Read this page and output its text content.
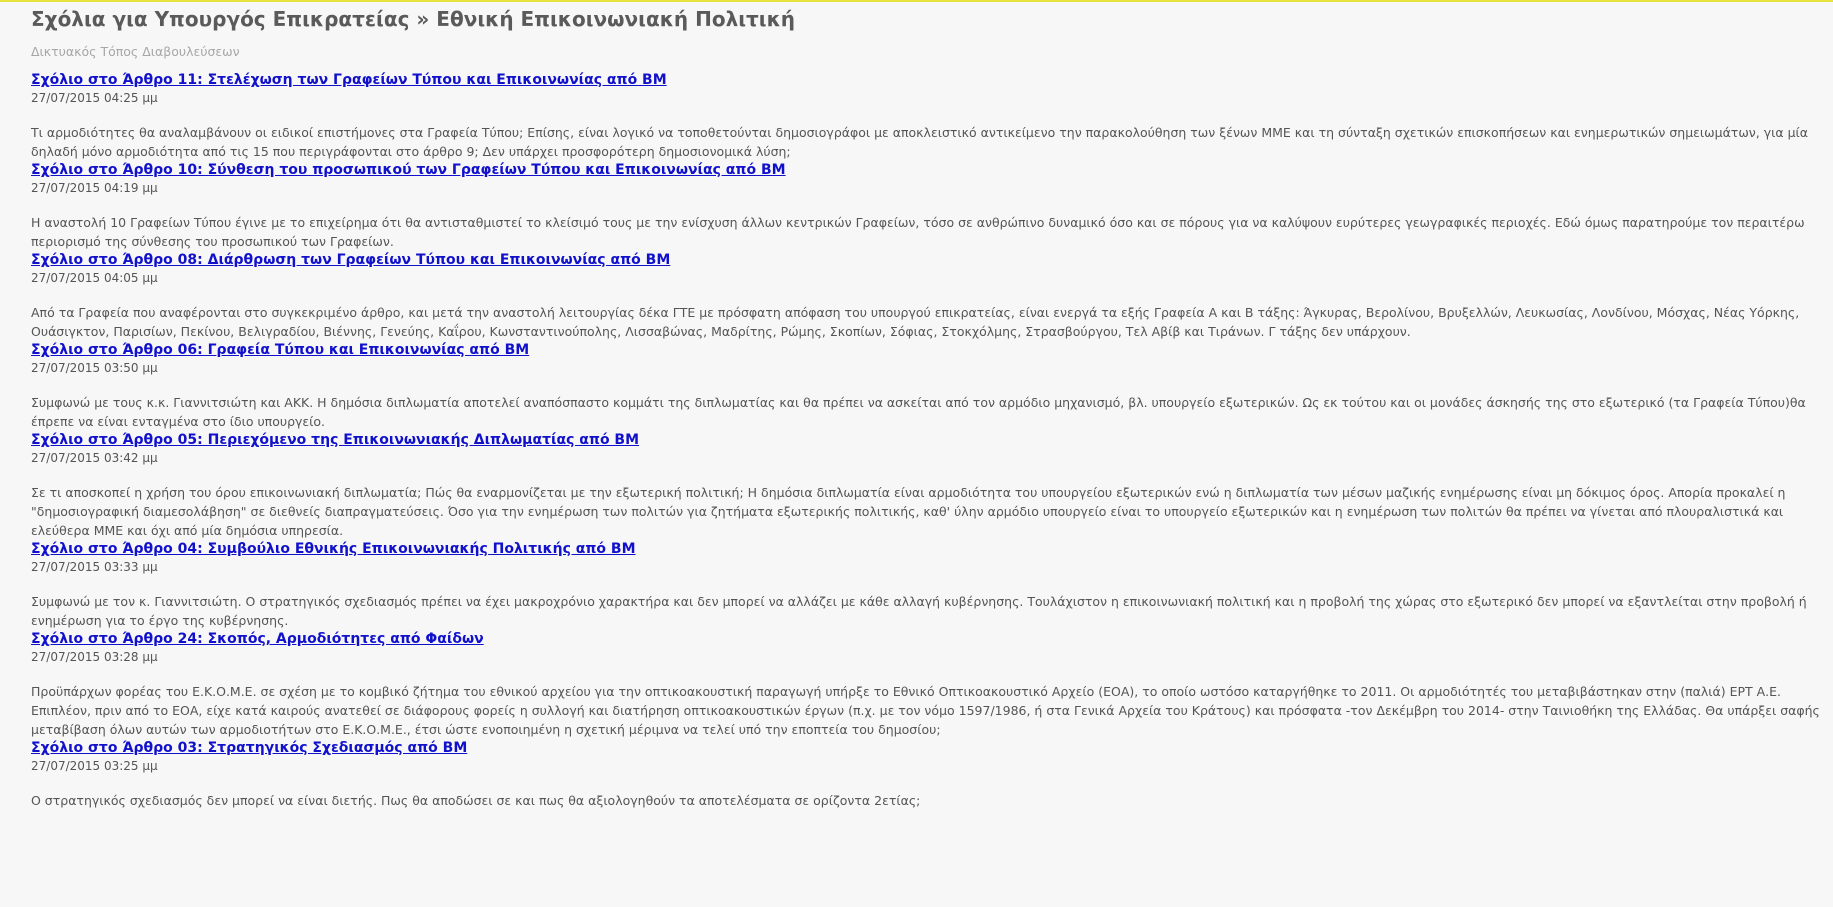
Σχόλια για Υπουργός Επικρατείας » Εθνική Επικοινωνιακή Πολιτική
Δικτυακός Τόπος Διαβουλεύσεων
Σχόλιο στο Άρθρο 11: Στελέχωση των Γραφείων Τύπου και Επικοινωνίας από ΒΜ
27/07/2015 04:25 μμ

Τι αρμοδιότητες θα αναλαμβάνουν οι ειδικοί επιστήμονες στα Γραφεία Τύπου; Επίσης, είναι λογικό να τοποθετούνται δημοσιογράφοι με αποκλειστικό αντικείμενο την παρακολούθηση των ξένων ΜΜΕ και τη σύνταξη σχετικών επισκοπήσεων και ενημερωτικών σημειωμάτων, για μία δηλαδή μόνο αρμοδιότητα από τις 15 που περιγράφονται στο άρθρο 9; Δεν υπάρχει προσφορότερη δημοσιονομικά λύση;

Σχόλιο στο Άρθρο 10: Σύνθεση του προσωπικού των Γραφείων Τύπου και Επικοινωνίας από ΒΜ
27/07/2015 04:19 μμ

Η αναστολή 10 Γραφείων Τύπου έγινε με το επιχείρημα ότι θα αντισταθμιστεί το κλείσιμό τους με την ενίσχυση άλλων κεντρικών Γραφείων, τόσο σε ανθρώπινο δυναμικό όσο και σε πόρους για να καλύψουν ευρύτερες γεωγραφικές περιοχές. Εδώ όμως παρατηρούμε τον περαιτέρω περιορισμό της σύνθεσης του προσωπικού των Γραφείων.

Σχόλιο στο Άρθρο 08: Διάρθρωση των Γραφείων Τύπου και Επικοινωνίας από ΒΜ
27/07/2015 04:05 μμ

Από τα Γραφεία που αναφέρονται στο συγκεκριμένο άρθρο, και μετά την αναστολή λειτουργίας δέκα ΓΤΕ με πρόσφατη απόφαση του υπουργού επικρατείας, είναι ενεργά τα εξής Γραφεία Α και Β τάξης: Άγκυρας, Βερολίνου, Βρυξελλών, Λευκωσίας, Λονδίνου, Μόσχας, Νέας Υόρκης, Ουάσιγκτον, Παρισίων, Πεκίνου, Βελιγραδίου, Βιέννης, Γενεύης, Καΐρου, Κωνσταντινούπολης, Λισσαβώνας, Μαδρίτης, Ρώμης, Σκοπίων, Σόφιας, Στοκχόλμης, Στρασβούργου, Τελ Αβίβ και Τιράνων. Γ τάξης δεν υπάρχουν.

Σχόλιο στο Άρθρο 06: Γραφεία Τύπου και Επικοινωνίας από ΒΜ
27/07/2015 03:50 μμ

Συμφωνώ με τους κ.κ. Γιαννιτσιώτη και ΑΚΚ. Η δημόσια διπλωματία αποτελεί αναπόσπαστο κομμάτι της διπλωματίας και θα πρέπει να ασκείται από τον αρμόδιο μηχανισμό, βλ. υπουργείο εξωτερικών. Ως εκ τούτου και οι μονάδες άσκησής της στο εξωτερικό (τα Γραφεία Τύπου)θα έπρεπε να είναι ενταγμένα στο ίδιο υπουργείο.

Σχόλιο στο Άρθρο 05: Περιεχόμενο της Επικοινωνιακής Διπλωματίας από ΒΜ
27/07/2015 03:42 μμ

Σε τι αποσκοπεί η χρήση του όρου επικοινωνιακή διπλωματία; Πώς θα εναρμονίζεται με την εξωτερική πολιτική; Η δημόσια διπλωματία είναι αρμοδιότητα του υπουργείου εξωτερικών ενώ η διπλωματία των μέσων μαζικής ενημέρωσης είναι μη δόκιμος όρος. Απορία προκαλεί η "δημοσιογραφική διαμεσολάβηση" σε διεθνείς διαπραγματεύσεις. Όσο για την ενημέρωση των πολιτών για ζητήματα εξωτερικής πολιτικής, καθ' ύλην αρμόδιο υπουργείο είναι το υπουργείο εξωτερικών και η ενημέρωση των πολιτών θα πρέπει να γίνεται από πλουραλιστικά και ελεύθερα ΜΜΕ και όχι από μία δημόσια υπηρεσία.

Σχόλιο στο Άρθρο 04: Συμβούλιο Εθνικής Επικοινωνιακής Πολιτικής από ΒΜ
27/07/2015 03:33 μμ

Συμφωνώ με τον κ. Γιαννιτσιώτη. Ο στρατηγικός σχεδιασμός πρέπει να έχει μακροχρόνιο χαρακτήρα και δεν μπορεί να αλλάζει με κάθε αλλαγή κυβέρνησης. Τουλάχιστον η επικοινωνιακή πολιτική και η προβολή της χώρας στο εξωτερικό δεν μπορεί να εξαντλείται στην προβολή ή ενημέρωση για το έργο της κυβέρνησης.

Σχόλιο στο Άρθρο 24: Σκοπός, Αρμοδιότητες από Φαίδων
27/07/2015 03:28 μμ

Προϋπάρχων φορέας του Ε.Κ.Ο.Μ.Ε. σε σχέση με το κομβικό ζήτημα του εθνικού αρχείου για την οπτικοακουστική παραγωγή υπήρξε το Εθνικό Οπτικοακουστικό Αρχείο (ΕΟΑ), το οποίο ωστόσο καταργήθηκε το 2011. Οι αρμοδιότητές του μεταβιβάστηκαν στην (παλιά) ΕΡΤ Α.Ε. Επιπλέον, πριν από το ΕΟΑ, είχε κατά καιρούς ανατεθεί σε διάφορους φορείς η συλλογή και διατήρηση οπτικοακουστικών έργων (π.χ. με τον νόμο 1597/1986, ή στα Γενικά Αρχεία του Κράτους) και πρόσφατα -τον Δεκέμβρη του 2014- στην Ταινιοθήκη της Ελλάδας. Θα υπάρξει σαφής μεταβίβαση όλων αυτών των αρμοδιοτήτων στο Ε.Κ.Ο.Μ.Ε., έτσι ώστε ενοποιημένη η σχετική μέριμνα να τελεί υπό την εποπτεία του δημοσίου;

Σχόλιο στο Άρθρο 03: Στρατηγικός Σχεδιασμός από ΒΜ
27/07/2015 03:25 μμ

Ο στρατηγικός σχεδιασμός δεν μπορεί να είναι διετής. Πως θα αποδώσει σε και πως θα αξιολογηθούν τα αποτελέσματα σε ορίζοντα 2ετίας;
